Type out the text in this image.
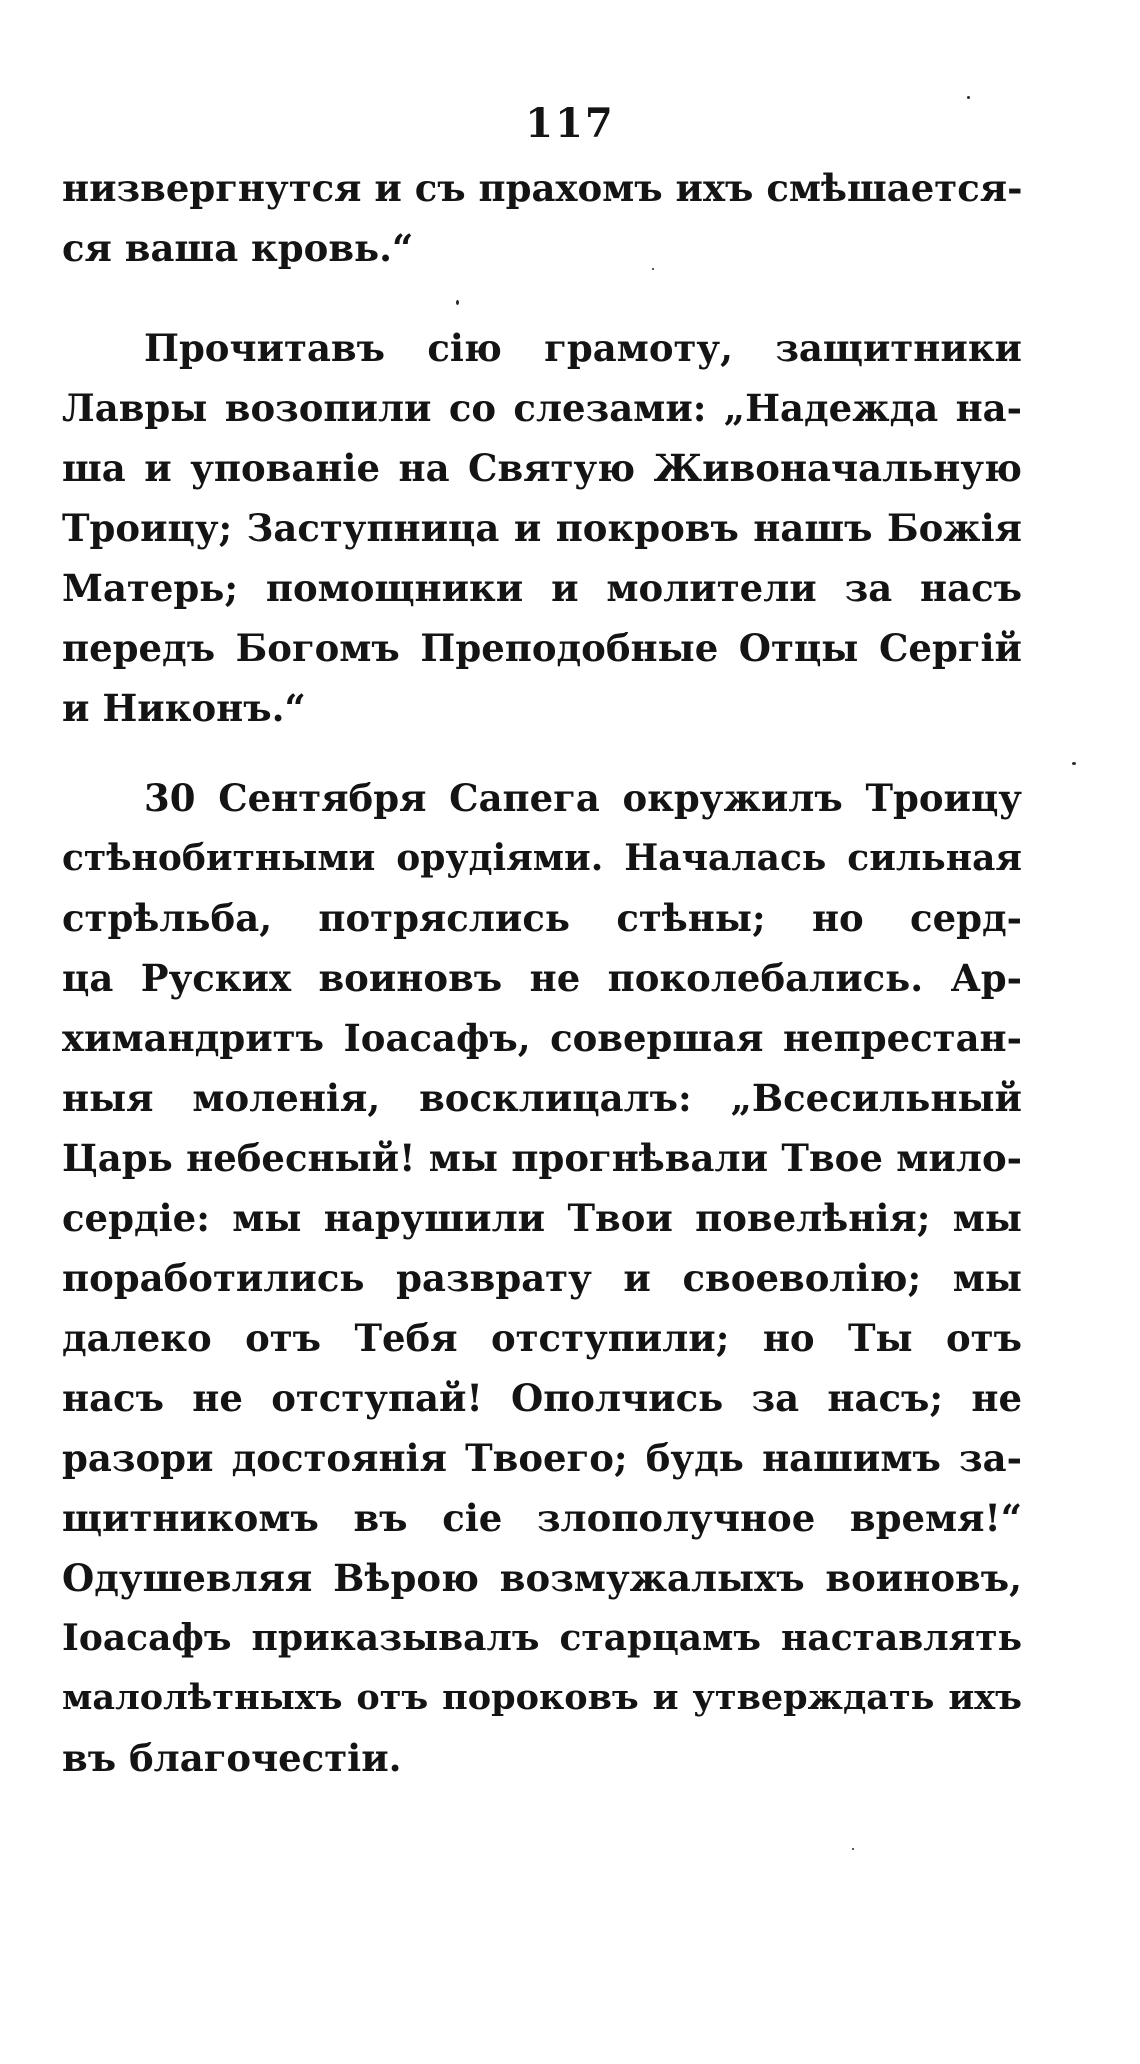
117
низвергнутся и съ прахомъ ихъ смѣшается-
ся ваша кровь.“
Прочитавъ сію грамоту, защитники
Лавры возопили со слезами: „Надежда на-
ша и упованіе на Святую Живоначальную
Троицу; Заступница и покровъ нашъ Божія
Матерь; помощники и молители за насъ
передъ Богомъ Преподобные Отцы Сергій
и Никонъ.“
30 Сентября Сапега окружилъ Троицу
стѣнобитными орудіями. Началась сильная
стрѣльба, потряслись стѣны; но серд-
ца Руских воиновъ не поколебались. Ар-
химандритъ Іоасафъ, совершая непрестан-
ныя моленія, восклицалъ: „Всесильный
Царь небесный! мы прогнѣвали Твое мило-
сердіе: мы нарушили Твои повелѣнія; мы
поработились разврату и своеволію; мы
далеко отъ Тебя отступили; но Ты отъ
насъ не отступай! Ополчись за насъ; не
разори достоянія Твоего; будь нашимъ за-
щитникомъ въ сіе злополучное время!“
Одушевляя Вѣрою возмужалыхъ воиновъ,
Іоасафъ приказывалъ старцамъ наставлять
малолѣтныхъ отъ пороковъ и утверждать ихъ
въ благочестіи.
